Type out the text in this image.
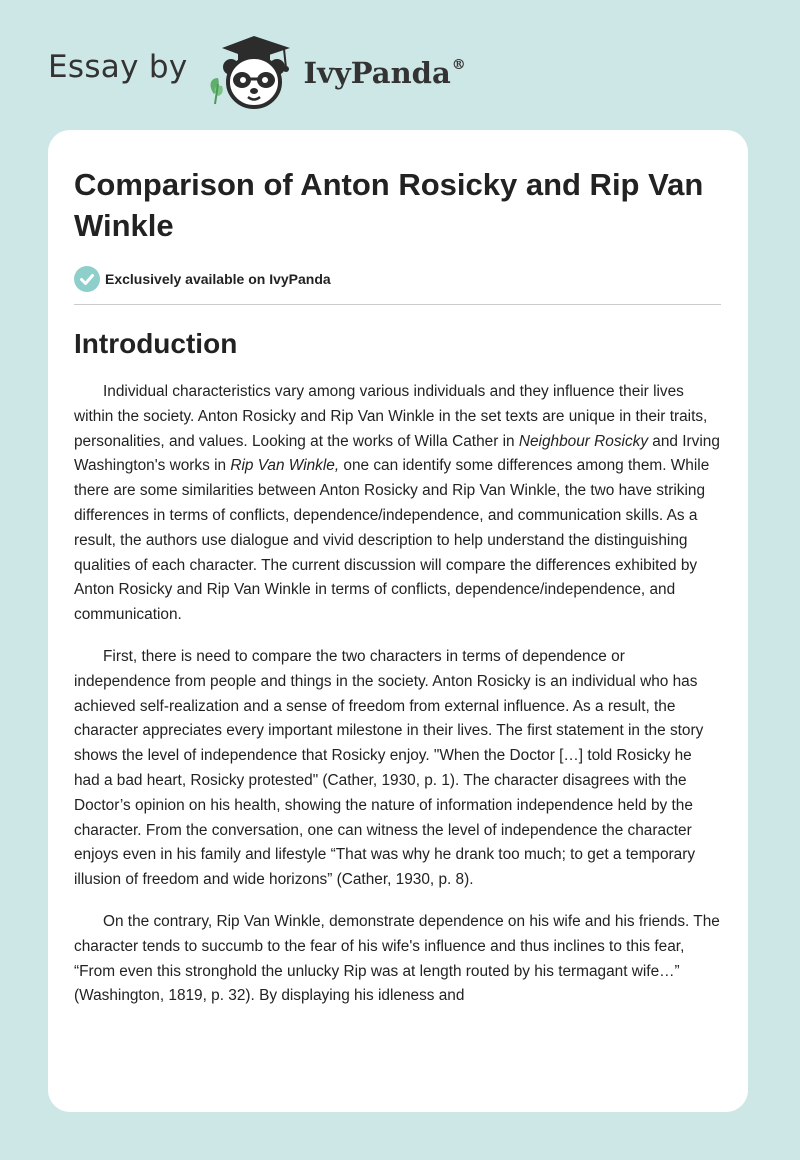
Essay by	IvyPanda®
Comparison of Anton Rosicky and Rip Van Winkle
Exclusively available on IvyPanda
Introduction

Individual characteristics vary among various individuals and they influence their lives within the society. Anton Rosicky and Rip Van Winkle in the set texts are unique in their traits, personalities, and values. Looking at the works of Willa Cather in Neighbour Rosicky and Irving Washington's works in Rip Van Winkle, one can identify some differences among them. While there are some similarities between Anton Rosicky and Rip Van Winkle, the two have striking differences in terms of conflicts, dependence/independence, and communication skills. As a result, the authors use dialogue and vivid description to help understand the distinguishing qualities of each character. The current discussion will compare the differences exhibited by Anton Rosicky and Rip Van Winkle in terms of conflicts, dependence/independence, and communication.

First, there is need to compare the two characters in terms of dependence or independence from people and things in the society. Anton Rosicky is an individual who has achieved self-realization and a sense of freedom from external influence. As a result, the character appreciates every important milestone in their lives. The first statement in the story shows the level of independence that Rosicky enjoy. "When the Doctor […] told Rosicky he had a bad heart, Rosicky protested" (Cather, 1930, p. 1). The character disagrees with the Doctor’s opinion on his health, showing the nature of information independence held by the character. From the conversation, one can witness the level of independence the character enjoys even in his family and lifestyle “That was why he drank too much; to get a temporary illusion of freedom and wide horizons” (Cather, 1930, p. 8).

On the contrary, Rip Van Winkle, demonstrate dependence on his wife and his friends. The character tends to succumb to the fear of his wife's influence and thus inclines to this fear, “From even this stronghold the unlucky Rip was at length routed by his termagant wife…” (Washington, 1819, p. 32). By displaying his idleness and
